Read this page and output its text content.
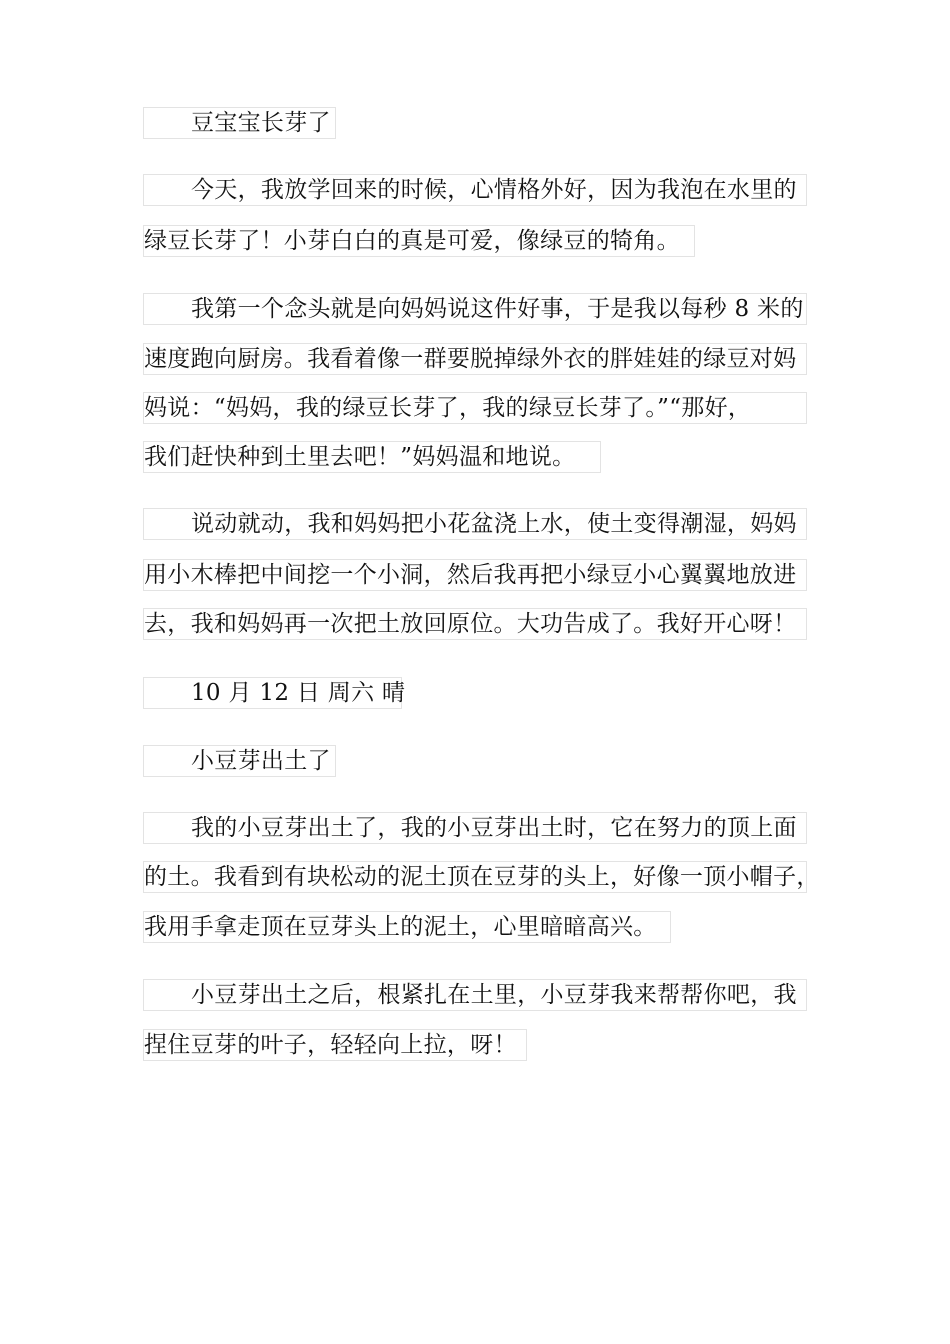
豆宝宝长芽了
今天，我放学回来的时候，心情格外好，因为我泡在水里的
绿豆长芽了！小芽白白的真是可爱，像绿豆的犄角。
我第一个念头就是向妈妈说这件好事，于是我以每秒 8 米的
速度跑向厨房。我看着像一群要脱掉绿外衣的胖娃娃的绿豆对妈
妈说：“妈妈，我的绿豆长芽了，我的绿豆长芽了。”“那好，
我们赶快种到土里去吧！”妈妈温和地说。
说动就动，我和妈妈把小花盆浇上水，使土变得潮湿，妈妈
用小木棒把中间挖一个小洞，然后我再把小绿豆小心翼翼地放进
去，我和妈妈再一次把土放回原位。大功告成了。我好开心呀！
10 月 12 日 周六 晴
小豆芽出土了
我的小豆芽出土了，我的小豆芽出土时，它在努力的顶上面
的土。我看到有块松动的泥土顶在豆芽的头上，好像一顶小帽子，
我用手拿走顶在豆芽头上的泥土，心里暗暗高兴。
小豆芽出土之后，根紧扎在土里，小豆芽我来帮帮你吧，我
捏住豆芽的叶子，轻轻向上拉，呀！
